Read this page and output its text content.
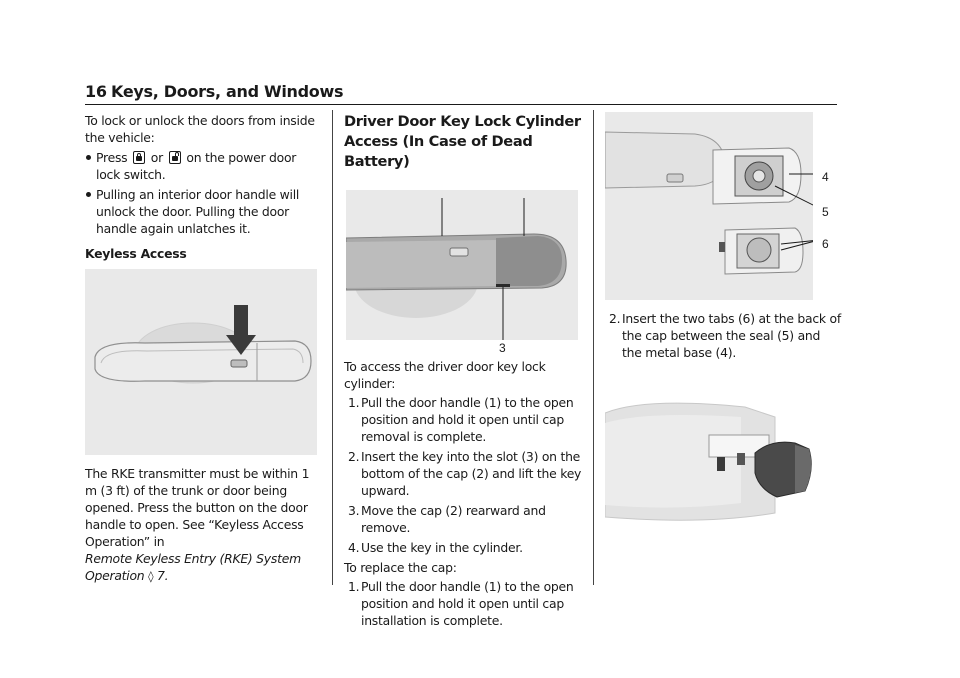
16 Keys, Doors, and Windows

To lock or unlock the doors from inside the vehicle:

Press or on the power door lock switch.
Pulling an interior door handle will unlock the door. Pulling the door handle again unlatches it.

Keyless Access

The RKE transmitter must be within 1 m (3 ft) of the trunk or door being opened. Press the button on the door handle to open. See “Keyless Access Operation” in

Remote Keyless Entry (RKE) System Operation ◊ 7.

Driver Door Key Lock Cylinder Access (In Case of Dead Battery)

3

To access the driver door key lock cylinder:

1. Pull the door handle (1) to the open position and hold it open until cap removal is complete.
2. Insert the key into the slot (3) on the bottom of the cap (2) and lift the key upward.
3. Move the cap (2) rearward and remove.
4. Use the key in the cylinder.

To replace the cap:

1. Pull the door handle (1) to the open position and hold it open until cap installation is complete.
4
5
6
2. Insert the two tabs (6) at the back of the cap between the seal (5) and the metal base (4).
